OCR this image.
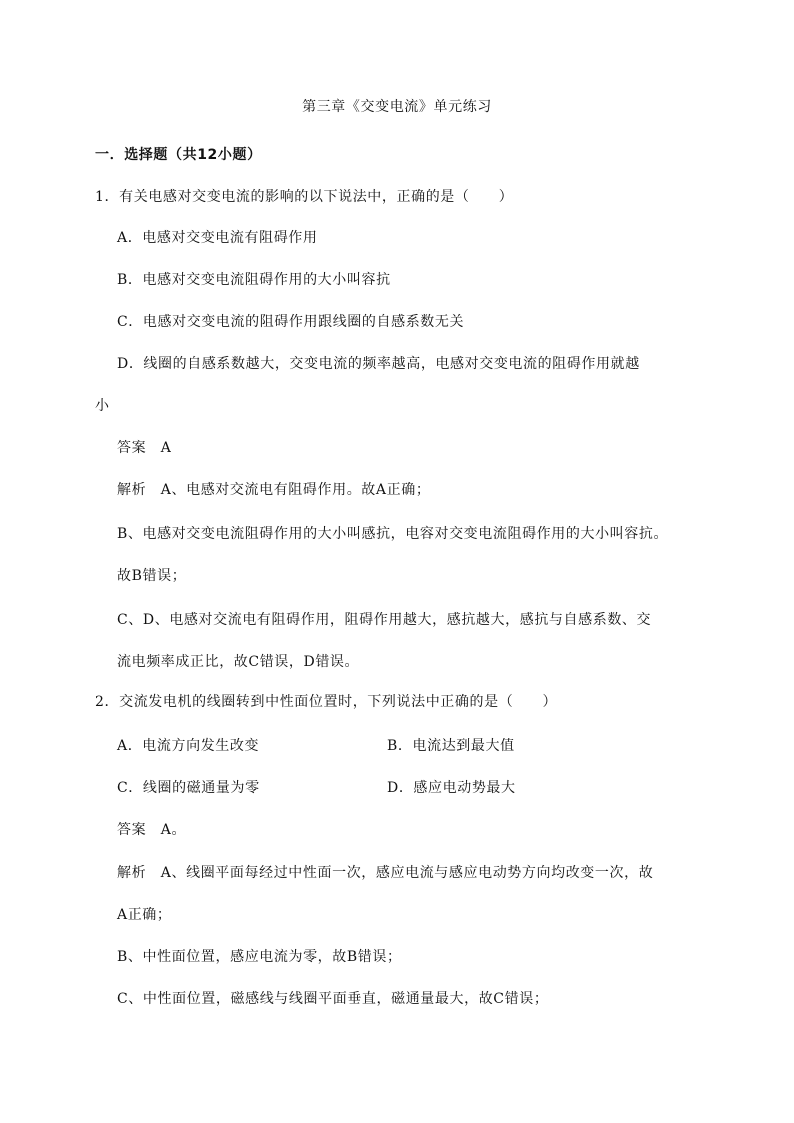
第三章《交变电流》单元练习
一．选择题（共12小题）
1．有关电感对交变电流的影响的以下说法中，正确的是（　　）
A．电感对交变电流有阻碍作用
B．电感对交变电流阻碍作用的大小叫容抗
C．电感对交变电流的阻碍作用跟线圈的自感系数无关
D．线圈的自感系数越大，交变电流的频率越高，电感对交变电流的阻碍作用就越
小
答案　A
解析　A、电感对交流电有阻碍作用。故A正确；
B、电感对交变电流阻碍作用的大小叫感抗，电容对交变电流阻碍作用的大小叫容抗。
故B错误；
C、D、电感对交流电有阻碍作用，阻碍作用越大，感抗越大，感抗与自感系数、交
流电频率成正比，故C错误，D错误。
2．交流发电机的线圈转到中性面位置时，下列说法中正确的是（　　）
A．电流方向发生改变	B．电流达到最大值
C．线圈的磁通量为零	D．感应电动势最大
答案　A。
解析　A、线圈平面每经过中性面一次，感应电流与感应电动势方向均改变一次，故
A正确；
B、中性面位置，感应电流为零，故B错误；
C、中性面位置，磁感线与线圈平面垂直，磁通量最大，故C错误；
